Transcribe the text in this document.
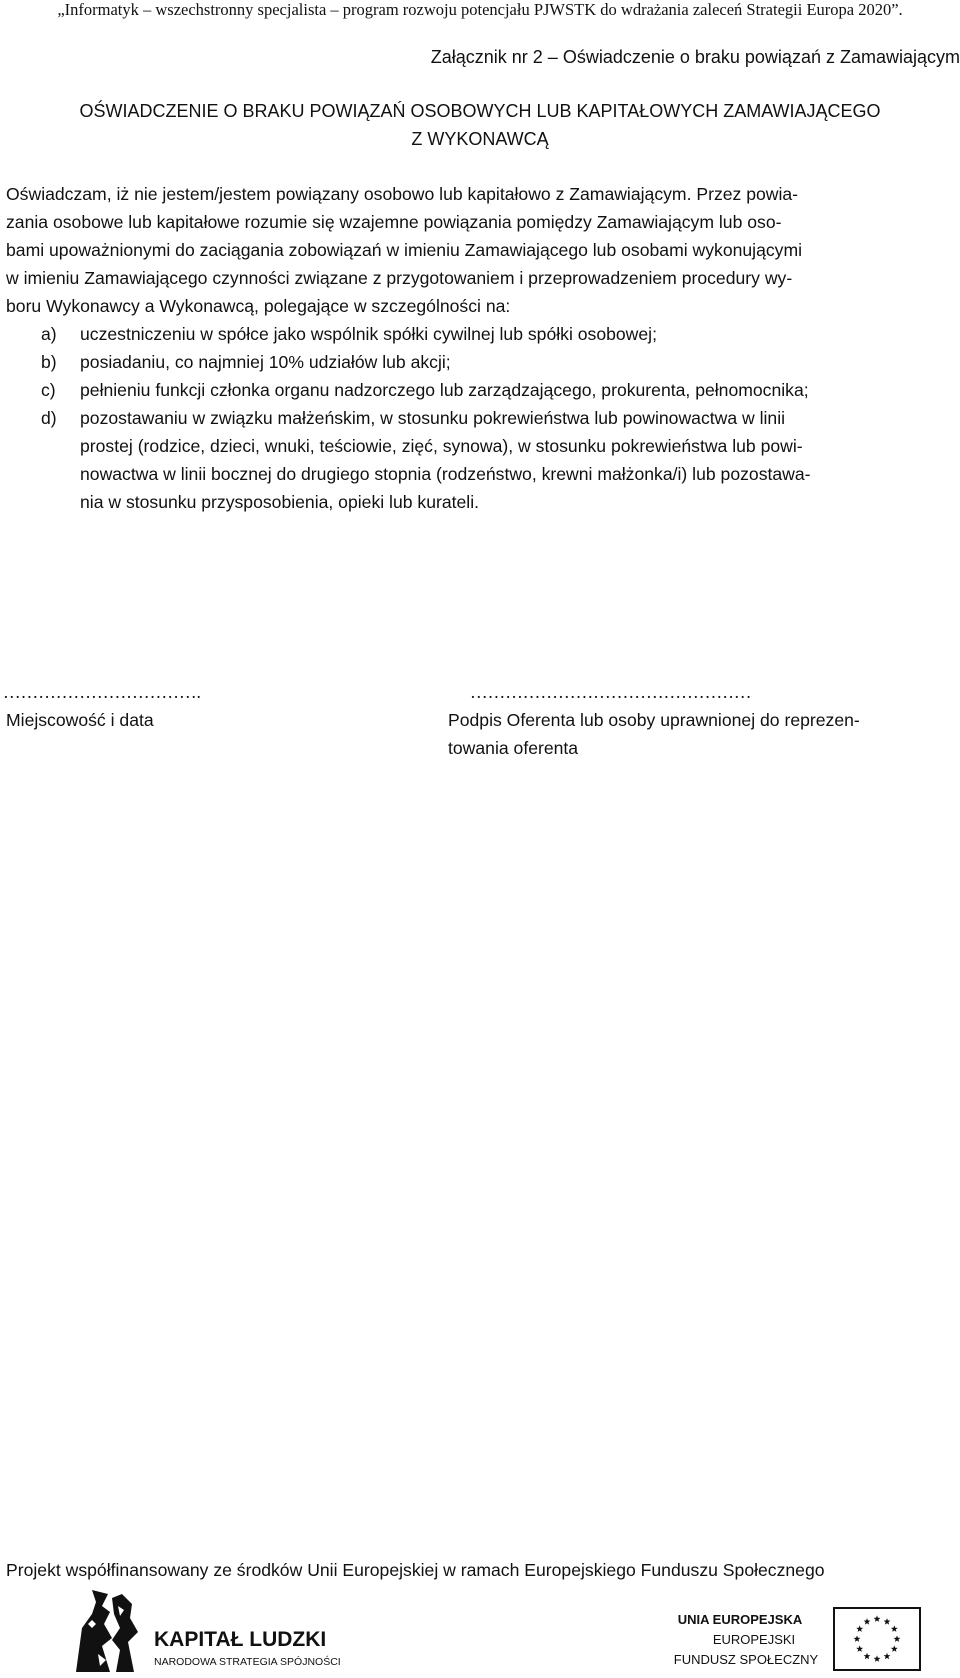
„Informatyk – wszechstronny specjalista – program rozwoju potencjału PJWSTK do wdrażania zaleceń Strategii Europa 2020”.
Załącznik nr 2 – Oświadczenie o braku powiązań z Zamawiającym
OŚWIADCZENIE O BRAKU POWIĄZAŃ OSOBOWYCH LUB KAPITAŁOWYCH ZAMAWIAJĄCEGO
Z WYKONAWCĄ
Oświadczam, iż nie jestem/jestem powiązany osobowo lub kapitałowo z Zamawiającym. Przez powia-
zania osobowe lub kapitałowe rozumie się wzajemne powiązania pomiędzy Zamawiającym lub oso-
bami upoważnionymi do zaciągania zobowiązań w imieniu Zamawiającego lub osobami wykonującymi
w imieniu Zamawiającego czynności związane z przygotowaniem i przeprowadzeniem procedury wy-
boru Wykonawcy a Wykonawcą, polegające w szczególności na:
a) uczestniczeniu w spółce jako wspólnik spółki cywilnej lub spółki osobowej;
b) posiadaniu, co najmniej 10% udziałów lub akcji;
c) pełnieniu funkcji członka organu nadzorczego lub zarządzającego, prokurenta, pełnomocnika;
d) pozostawaniu w związku małżeńskim, w stosunku pokrewieństwa lub powinowactwa w linii
prostej (rodzice, dzieci, wnuki, teściowie, zięć, synowa), w stosunku pokrewieństwa lub powi-
nowactwa w linii bocznej do drugiego stopnia (rodzeństwo, krewni małżonka/i) lub pozostawa-
nia w stosunku przysposobienia, opieki lub kurateli.
…………………………….	…………………………………………
Miejscowość i data	Podpis Oferenta lub osoby uprawnionej do reprezen-
towania oferenta
Projekt współfinansowany ze środków Unii Europejskiej w ramach Europejskiego Funduszu Społecznego
KAPITAŁ LUDZKI
NARODOWA STRATEGIA SPÓJNOŚCI
UNIA EUROPEJSKA
EUROPEJSKI
FUNDUSZ SPOŁECZNY
